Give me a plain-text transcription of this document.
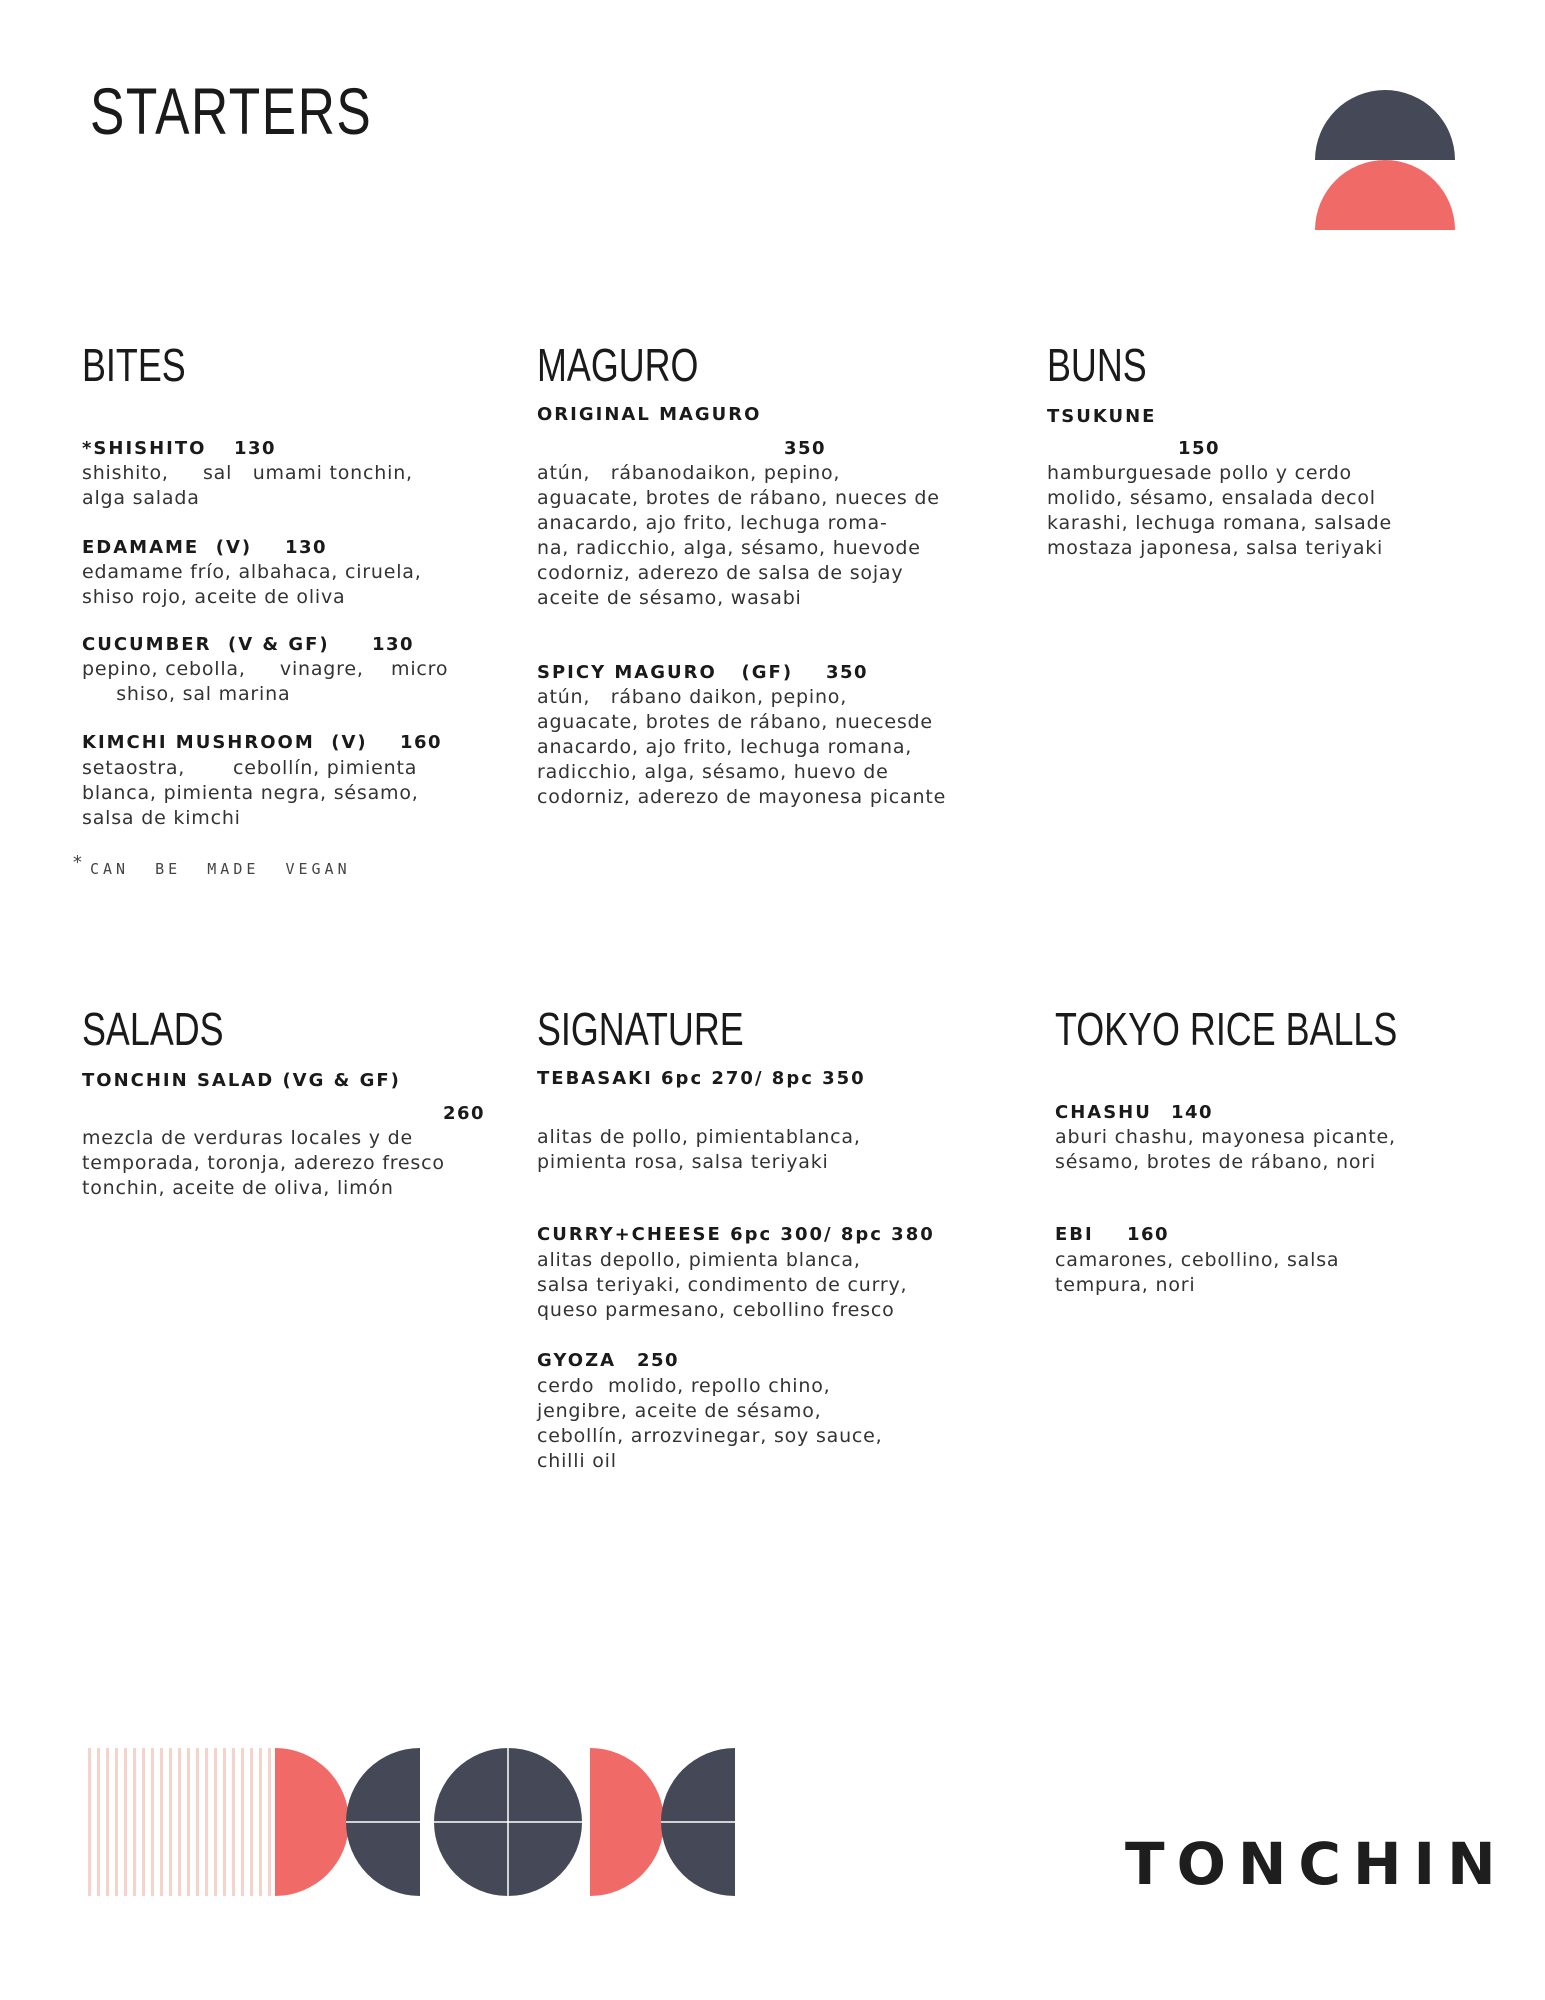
STARTERS
BITES

*SHISHITO 130

shishito,     sal   umami tonchin,
alga salada

EDAMAME  (V) 130

edamame frío, albahaca, ciruela,
shiso rojo, aceite de oliva

CUCUMBER  (V & GF) 130

pepino, cebolla,     vinagre,    micro
shiso, sal marina

KIMCHI MUSHROOM  (V) 160

setaostra,       cebollín, pimienta
blanca, pimienta negra, sésamo,
salsa de kimchi

* CAN  BE  MADE  VEGAN

MAGURO

ORIGINAL MAGURO

350

atún,   rábanodaikon, pepino,
aguacate, brotes de rábano, nueces de
anacardo, ajo frito, lechuga roma-
na, radicchio, alga, sésamo, huevode
codorniz, aderezo de salsa de sojay
aceite de sésamo, wasabi

SPICY MAGURO   (GF) 350

atún,   rábano daikon, pepino,
aguacate, brotes de rábano, nuecesde
anacardo, ajo frito, lechuga romana,
radicchio, alga, sésamo, huevo de
codorniz, aderezo de mayonesa picante

BUNS

TSUKUNE

150

hamburguesade pollo y cerdo
molido, sésamo, ensalada decol
karashi, lechuga romana, salsade
mostaza japonesa, salsa teriyaki

SALADS

TONCHIN SALAD (VG & GF)

260

mezcla de verduras locales y de
temporada, toronja, aderezo fresco
tonchin, aceite de oliva, limón

SIGNATURE

TEBASAKI 6pc 270/ 8pc 350

alitas de pollo, pimientablanca,
pimienta rosa, salsa teriyaki

CURRY+CHEESE 6pc 300/ 8pc 380

alitas depollo, pimienta blanca,
salsa teriyaki, condimento de curry,
queso parmesano, cebollino fresco

GYOZA 250

cerdo  molido, repollo chino,
jengibre, aceite de sésamo,
cebollín, arrozvinegar, soy sauce,
chilli oil

TOKYO RICE BALLS

CHASHU 140

aburi chashu, mayonesa picante,
sésamo, brotes de rábano, nori

EBI 160

camarones, cebollino, salsa
tempura, nori

TONCHIN
